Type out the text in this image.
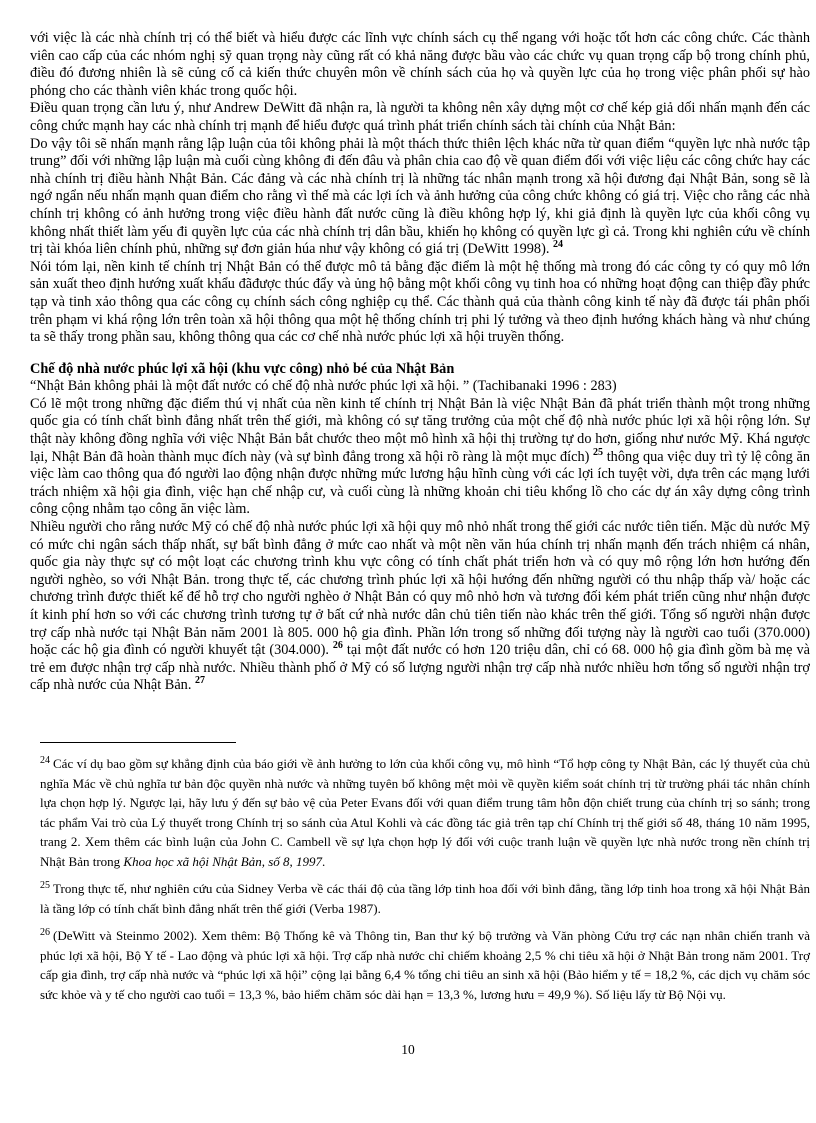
với việc là các nhà chính trị có thể biết và hiểu được các lĩnh vực chính sách cụ thể ngang với hoặc tốt hơn các công chức. Các thành viên cao cấp của các nhóm nghị sỹ quan trọng này cũng rất có khả năng được bầu vào các chức vụ quan trọng cấp bộ trong chính phủ, điều đó đương nhiên là sẽ củng cố cả kiến thức chuyên môn về chính sách của họ và quyền lực của họ trong việc phân phối sự hào phóng cho các thành viên khác trong quốc hội.

Điều quan trọng cần lưu ý, như Andrew DeWitt đã nhận ra, là người ta không nên xây dựng một cơ chế kép giả dối nhấn mạnh đến các công chức mạnh hay các nhà chính trị mạnh để hiểu được quá trình phát triển chính sách tài chính của Nhật Bản:

Do vậy tôi sẽ nhấn mạnh rằng lập luận của tôi không phải là một thách thức thiên lệch khác nữa từ quan điểm “quyền lực nhà nước tập trung” đối với những lập luận mà cuối cùng không đi đến đâu và phân chia cao độ về quan điểm đối với việc liệu các công chức hay các nhà chính trị điều hành Nhật Bản. Các đảng và các nhà chính trị là những tác nhân mạnh trong xã hội đương đại Nhật Bản, song sẽ là ngớ ngẩn nếu nhấn mạnh quan điểm cho rằng vì thế mà các lợi ích và ảnh hưởng của công chức không có giá trị. Việc cho rằng các nhà chính trị không có ảnh hưởng trong việc điều hành đất nước cũng là điều không hợp lý, khi giả định là quyền lực của khối công vụ không nhất thiết làm yếu đi quyền lực của các nhà chính trị dân bầu, khiến họ không có quyền lực gì cả. Trong khi nghiên cứu về chính trị tài khóa liên chính phủ, những sự đơn giản húa như vậy không có giá trị (DeWitt 1998). $^{24}$

Nói tóm lại, nền kinh tế chính trị Nhật Bản có thể được mô tả bằng đặc điểm là một hệ thống mà trong đó các công ty có quy mô lớn sản xuất theo định hướng xuất khẩu đãđược thúc đẩy và ủng hộ bằng một khối công vụ tinh hoa có những hoạt động can thiệp đầy phức tạp và tinh xảo thông qua các công cụ chính sách công nghiệp cụ thể. Các thành quả của thành công kinh tế này đã được tái phân phối trên phạm vi khá rộng lớn trên toàn xã hội thông qua một hệ thống chính trị phi lý tưởng và theo định hướng khách hàng và như chúng ta sẽ thấy trong phần sau, không thông qua các cơ chế nhà nước phúc lợi xã hội truyền thống.

Chế độ nhà nước phúc lợi xã hội (khu vực công) nhỏ bé của Nhật Bản

“Nhật Bản không phải là một đất nước có chế độ nhà nước phúc lợi xã hội. ” (Tachibanaki 1996 : 283)

Có lẽ một trong những đặc điểm thú vị nhất của nền kinh tế chính trị Nhật Bản là việc Nhật Bản đã phát triển thành một trong những quốc gia có tính chất bình đẳng nhất trên thế giới, mà không có sự tăng trưởng của một chế độ nhà nước phúc lợi xã hội rộng lớn. Sự thật này không đồng nghĩa với việc Nhật Bản bắt chước theo một mô hình xã hội thị trường tự do hơn, giống như nước Mỹ. Khá ngược lại, Nhật Bản đã hoàn thành mục đích này (và sự bình đẳng trong xã hội rõ ràng là một mục đích) $^{25}$ thông qua việc duy trì tỷ lệ công ăn việc làm cao thông qua đó người lao động nhận được những mức lương hậu hĩnh cùng với các lợi ích tuyệt vời, dựa trên các mạng lưới trách nhiệm xã hội gia đình, việc hạn chế nhập cư, và cuối cùng là những khoản chi tiêu khổng lồ cho các dự án xây dựng công trình công cộng nhằm tạo công ăn việc làm.

Nhiều người cho rằng nước Mỹ có chế độ nhà nước phúc lợi xã hội quy mô nhỏ nhất trong thế giới các nước tiên tiến. Mặc dù nước Mỹ có mức chi ngân sách thấp nhất, sự bất bình đẳng ở mức cao nhất và một nền văn húa chính trị nhấn mạnh đến trách nhiệm cá nhân, quốc gia này thực sự có một loạt các chương trình khu vực công có tính chất phát triển hơn và có quy mô rộng lớn hơn hướng đến người nghèo, so với Nhật Bản. trong thực tế, các chương trình phúc lợi xã hội hướng đến những người có thu nhập thấp và/ hoặc các chương trình được thiết kế để hỗ trợ cho người nghèo ở Nhật Bản có quy mô nhỏ hơn và tương đối kém phát triển cũng như nhận được ít kinh phí hơn so với các chương trình tương tự ở bất cứ nhà nước dân chủ tiên tiến nào khác trên thế giới. Tổng số người nhận được trợ cấp nhà nước tại Nhật Bản năm 2001 là 805. 000 hộ gia đình. Phần lớn trong số những đối tượng này là người cao tuổi (370.000) hoặc các hộ gia đình có người khuyết tật (304.000). $^{26}$ tại một đất nước có hơn 120 triệu dân, chỉ có 68. 000 hộ gia đình gồm bà mẹ và trẻ em được nhận trợ cấp nhà nước. Nhiều thành phố ở Mỹ có số lượng người nhận trợ cấp nhà nước nhiều hơn tổng số người nhận trợ cấp nhà nước của Nhật Bản. $^{27}$

$^{24}$ Các ví dụ bao gồm sự khẳng định của báo giới về ảnh hưởng to lớn của khối công vụ, mô hình “Tổ hợp công ty Nhật Bản, các lý thuyết của chủ nghĩa Mác về chủ nghĩa tư bản độc quyền nhà nước và những tuyên bố không mệt mỏi về quyền kiểm soát chính trị từ trường phái tác nhân chính lựa chọn hợp lý. Ngược lại, hãy lưu ý đến sự bảo vệ của Peter Evans đối với quan điểm trung tâm hỗn độn chiết trung của chính trị so sánh; trong tác phẩm Vai trò của Lý thuyết trong Chính trị so sánh của Atul Kohli và các đồng tác giả trên tạp chí Chính trị thế giới số 48, tháng 10 năm 1995, trang 2. Xem thêm các bình luận của John C. Cambell về sự lựa chọn hợp lý đối với cuộc tranh luận về quyền lực nhà nước trong nền chính trị Nhật Bản trong Khoa học xã hội Nhật Bản, số 8, 1997.

$^{25}$ Trong thực tế, như nghiên cứu của Sidney Verba về các thái độ của tầng lớp tinh hoa đối với bình đẳng, tầng lớp tinh hoa trong xã hội Nhật Bản là tầng lớp có tính chất bình đẳng nhất trên thế giới (Verba 1987).

$^{26}$ (DeWitt và Steinmo 2002). Xem thêm: Bộ Thống kê và Thông tin, Ban thư ký bộ trưởng và Văn phòng Cứu trợ các nạn nhân chiến tranh và phúc lợi xã hội, Bộ Y tế - Lao động và phúc lợi xã hội. Trợ cấp nhà nước chỉ chiếm khoảng 2,5 % chi tiêu xã hội ở Nhật Bản trong năm 2001. Trợ cấp gia đình, trợ cấp nhà nước và “phúc lợi xã hội” cộng lại bằng 6,4 % tổng chi tiêu an sinh xã hội (Bảo hiểm y tế = 18,2 %, các dịch vụ chăm sóc sức khỏe và y tế cho người cao tuổi = 13,3 %, bảo hiểm chăm sóc dài hạn = 13,3 %, lương hưu = 49,9 %). Số liệu lấy từ Bộ Nội vụ.

10
